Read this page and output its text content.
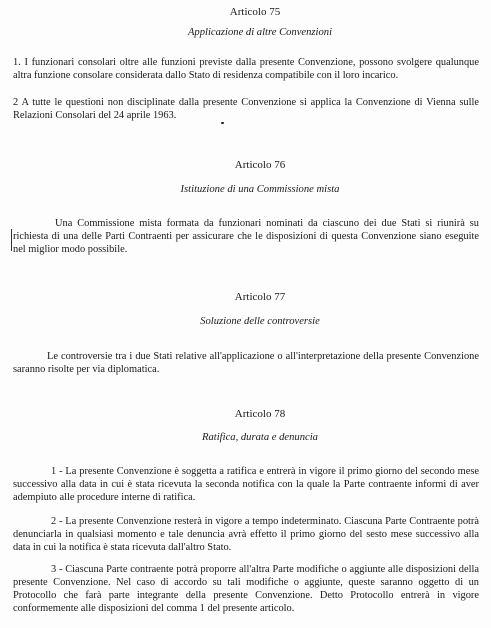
Articolo 75
Applicazione di altre Convenzioni

1. I funzionari consolari oltre alle funzioni previste dalla presente Convenzione, possono svolgere qualunque altra funzione consolare considerata dallo Stato di residenza compatibile con il loro incarico.

2 A tutte le questioni non disciplinate dalla presente Convenzione si applica la Convenzione di Vienna sulle Relazioni Consolari del 24 aprile 1963.

Articolo 76
Istituzione di una Commissione mista

Una Commissione mista formata da funzionari nominati da ciascuno dei due Stati si riunirà su richiesta di una delle Parti Contraenti per assicurare che le disposizioni di questa Convenzione siano eseguite nel miglior modo possibile.

Articolo 77
Soluzione delle controversie

Le controversie tra i due Stati relative all'applicazione o all'interpretazione della presente Convenzione saranno risolte per via diplomatica.

Articolo 78
Ratifica, durata e denuncia

1 - La presente Convenzione è soggetta a ratifica e entrerà in vigore il primo giorno del secondo mese successivo alla data in cui è stata ricevuta la seconda notifica con la quale la Parte contraente informi di aver adempiuto alle procedure interne di ratifica.

2 - La presente Convenzione resterà in vigore a tempo indeterminato. Ciascuna Parte Contraente potrà denunciarla in qualsiasi momento e tale denuncia avrà effetto il primo giorno del sesto mese successivo alla data in cui la notifica è stata ricevuta dall'altro Stato.

3 - Ciascuna Parte contraente potrà proporre all'altra Parte modifiche o aggiunte alle disposizioni della presente Convenzione. Nel caso di accordo su tali modifiche o aggiunte, queste saranno oggetto di un Protocollo che farà parte integrante della presente Convenzione. Detto Protocollo entrerà in vigore conformemente alle disposizioni del comma 1 del presente articolo.
